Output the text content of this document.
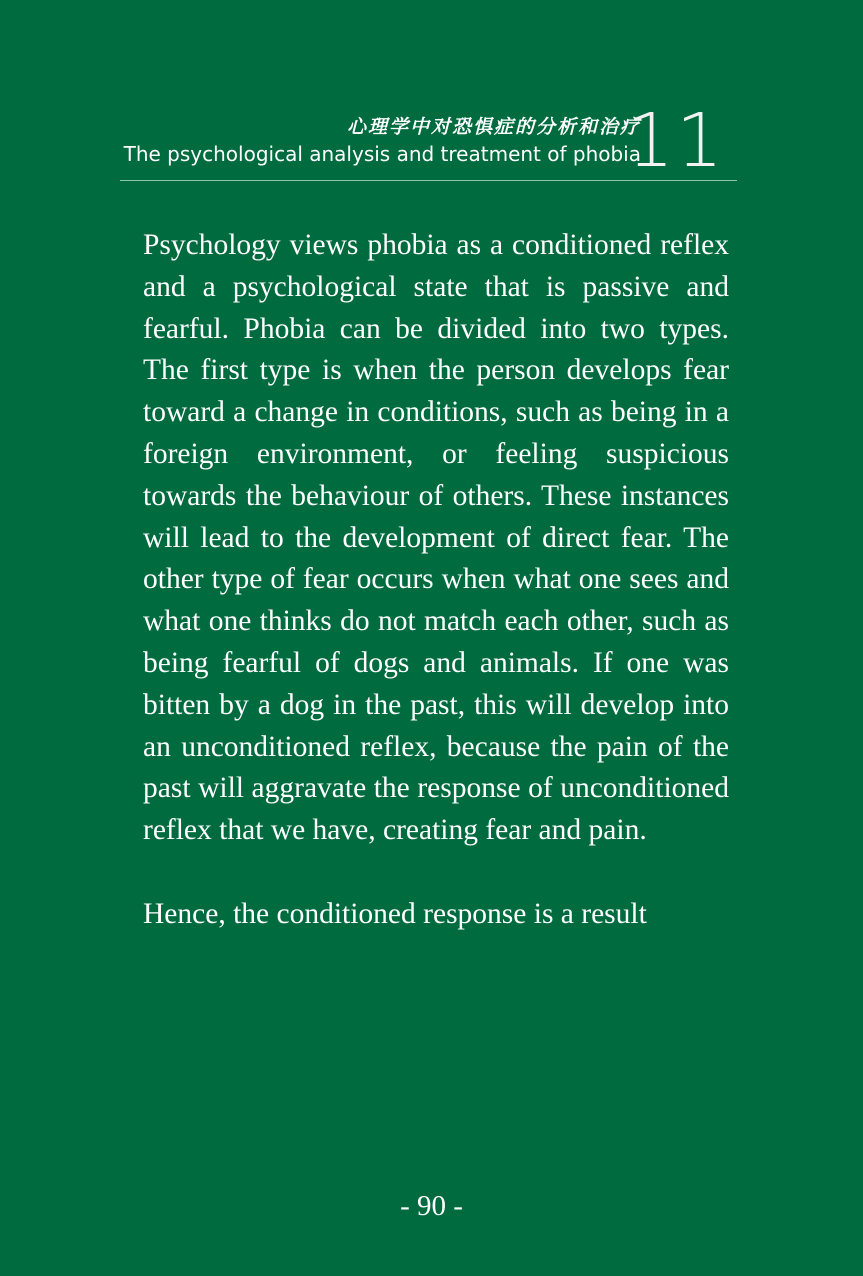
心理学中对恐惧症的分析和治疗
The psychological analysis and treatment of phobia
11

Psychology views phobia as a conditioned reflex and a psychological state that is passive and fearful. Phobia can be divided into two types. The first type is when the person develops fear toward a change in conditions, such as being in a foreign environment, or feeling suspicious towards the behaviour of others. These instances will lead to the development of direct fear. The other type of fear occurs when what one sees and what one thinks do not match each other, such as being fearful of dogs and animals. If one was bitten by a dog in the past, this will develop into an unconditioned reflex, because the pain of the past will aggravate the response of unconditioned reflex that we have, creating fear and pain.

Hence, the conditioned response is a result

- 90 -
